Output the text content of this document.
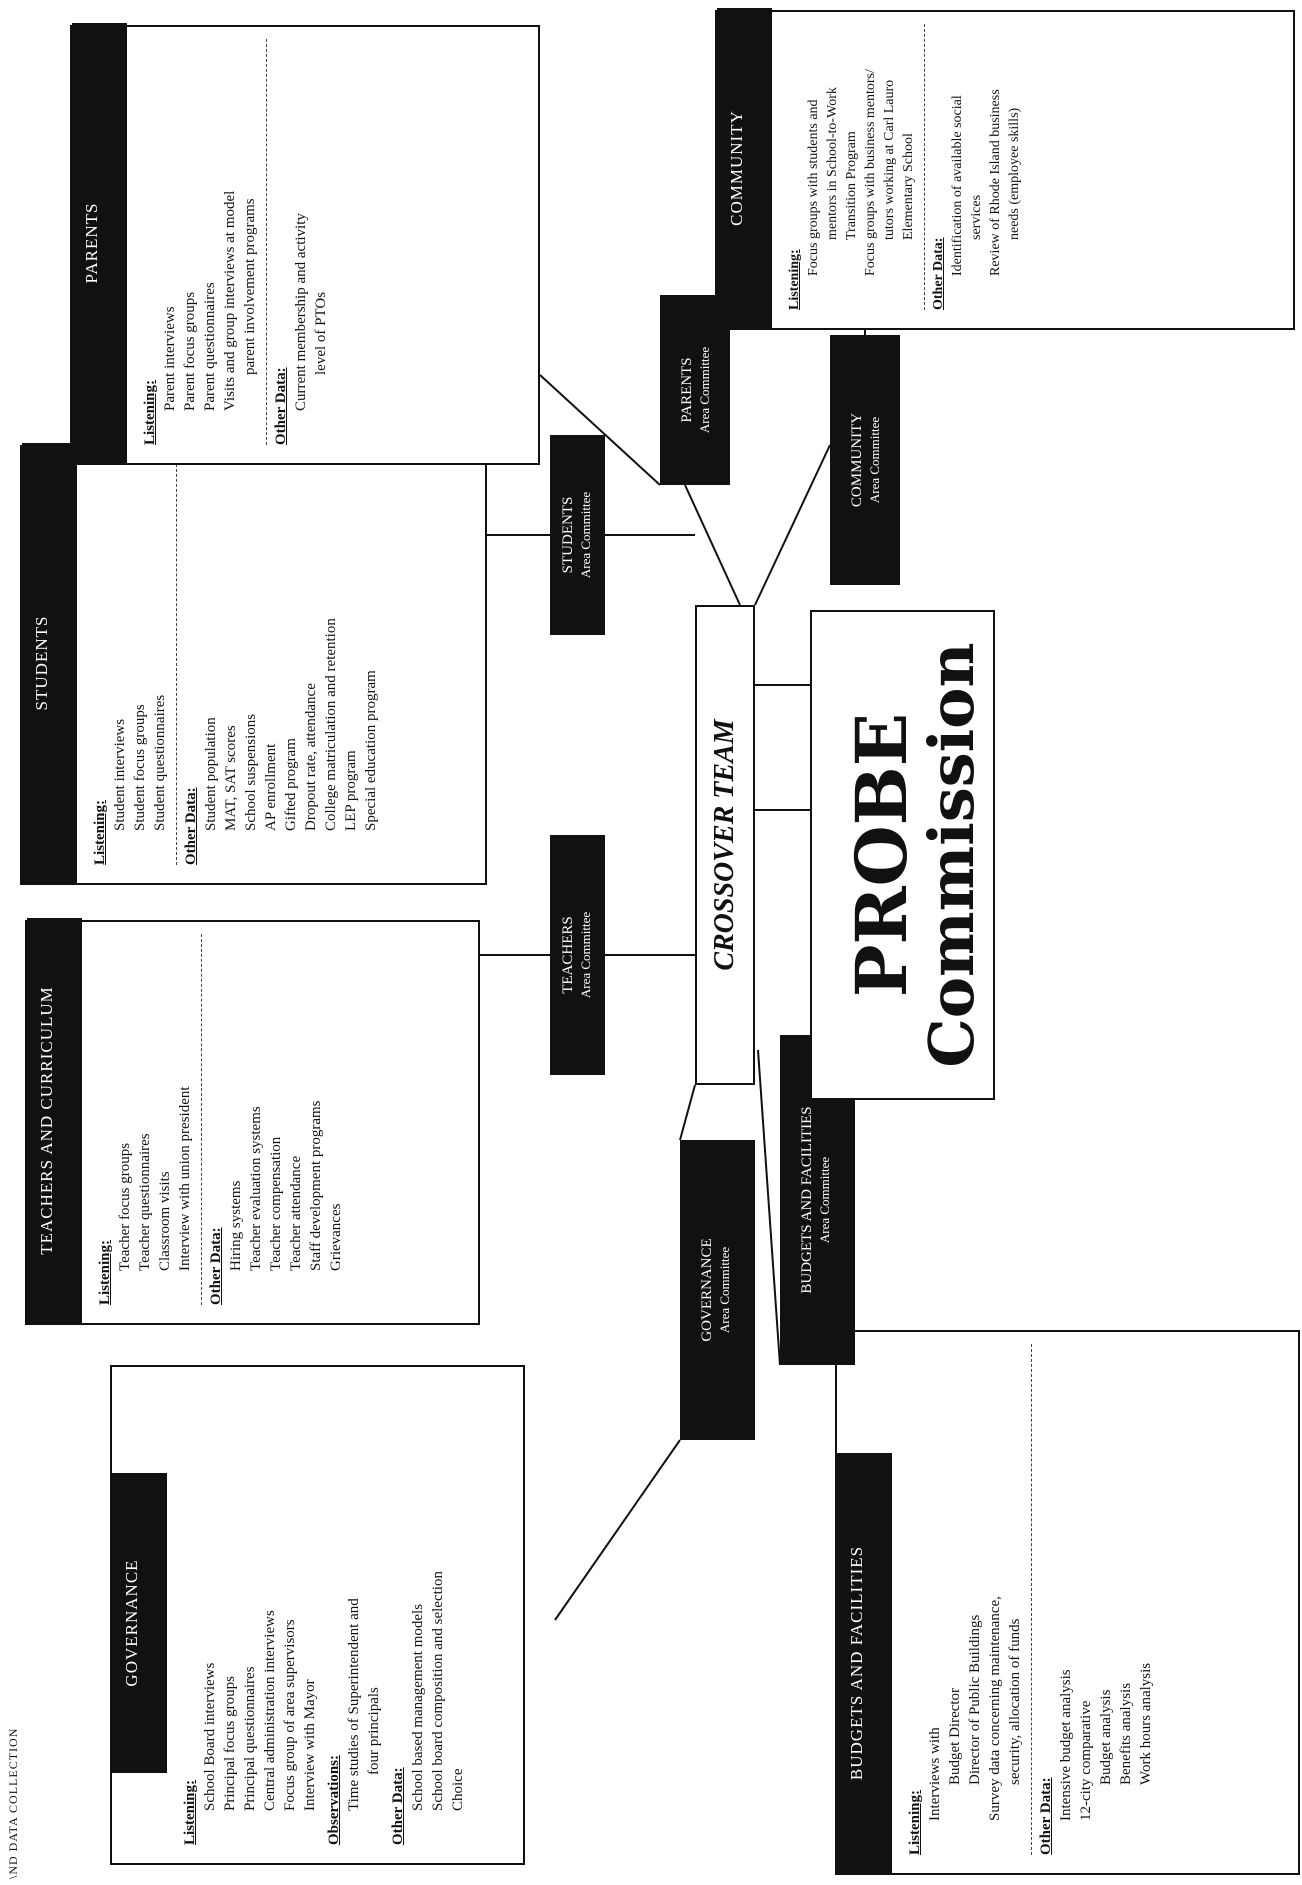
\ND DATA COLLECTION
GOVERNANCE
Listening:
School Board interviews Principal focus groups Principal questionnaires Central administration interviews Focus group of area supervisors Interview with Mayor Observations: Time studies of Superintendent and four principals
Other Data: School based management models School board composition and selection Choice
TEACHERS AND CURRICULUM
Listening:
Teacher focus groups Teacher questionnaires Classroom visits Interview with union president Other Data: Hiring systems Teacher evaluation systems Teacher compensation Teacher attendance Staff development programs Grievances
STUDENTS
Listening:
Student interviews Student focus groups Student questionnaires Other Data: Student population MAT, SAT scores School suspensions AP enrollment Gifted program Dropout rate, attendance College matriculation and retention LEP program Special education program
PARENTS
Listening:
Parent interviews Parent focus groups Parent questionnaires Visits and group interviews at model parent involvement programs
Other Data: Current membership and activity level of PTOs
COMMUNITY
Listening:
Focus groups with students and mentors in School-to-Work Transition Program Focus groups with business mentors/ tutors working at Carl Lauro Elementary School
Other Data: Identification of available social services Review of Rhode Island business needs (employee skills)
BUDGETS AND FACILITIES
Listening:
Interviews with Budget Director Director of Public Buildings Survey data concerning maintenance, security, allocation of funds
Other Data: Intensive budget analysis 12-city comparative Budget analysis Benefits analysis Work hours analysis
GOVERNANCE Area Committee
TEACHERS Area Committee
STUDENTS Area Committee
PARENTS Area Committee
COMMUNITY Area Committee
BUDGETS AND FACILITIES Area Committee
CROSSOVER TEAM PROBE
Commission
